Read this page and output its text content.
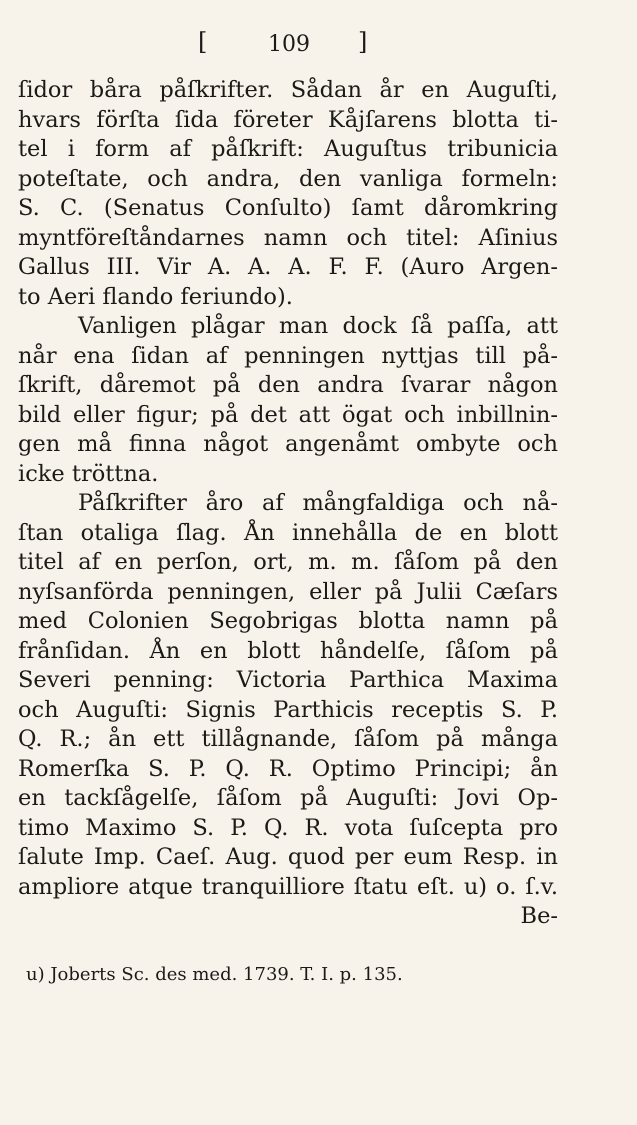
[	109 ]
ſidor båra påſkrifter. Sådan år en Auguſti,
hvars förſta ſida företer Kåjſarens blotta ti-
tel i form af påſkrift: Auguſtus tribunicia
poteſtate, och andra, den vanliga formeln:
S. C. (Senatus Conſulto) ſamt dåromkring
myntföreſtåndarnes namn och titel: Aſinius
Gallus III. Vir A. A. A. F. F. (Auro Argen-
to Aeri flando feriundo).
Vanligen plågar man dock ſå paſſa, att
når ena ſidan af penningen nyttjas till på-
ſkrift, dåremot på den andra ſvarar någon
bild eller figur; på det att ögat och inbillnin-
gen må finna något angenåmt ombyte och
icke tröttna.
Påſkrifter åro af mångfaldiga och nå-
ſtan otaliga ſlag. Ån innehålla de en blott
titel af en perſon, ort, m. m. ſåſom på den
nyſsanförda penningen, eller på Julii Cæſars
med Colonien Segobrigas blotta namn på
frånſidan. Ån en blott håndelſe, ſåſom på
Severi penning: Victoria Parthica Maxima
och Auguſti: Signis Parthicis receptis S. P.
Q. R.; ån ett tillågnande, ſåſom på många
Romerſka S. P. Q. R. Optimo Principi; ån
en tackſågelſe, ſåſom på Auguſti: Jovi Op-
timo Maximo S. P. Q. R. vota ſuſcepta pro
ſalute Imp. Caeſ. Aug. quod per eum Resp. in
ampliore atque tranquilliore ſtatu eſt. u) o. ſ.v.
Be-
u) Joberts Sc. des med. 1739. T. I. p. 135.
